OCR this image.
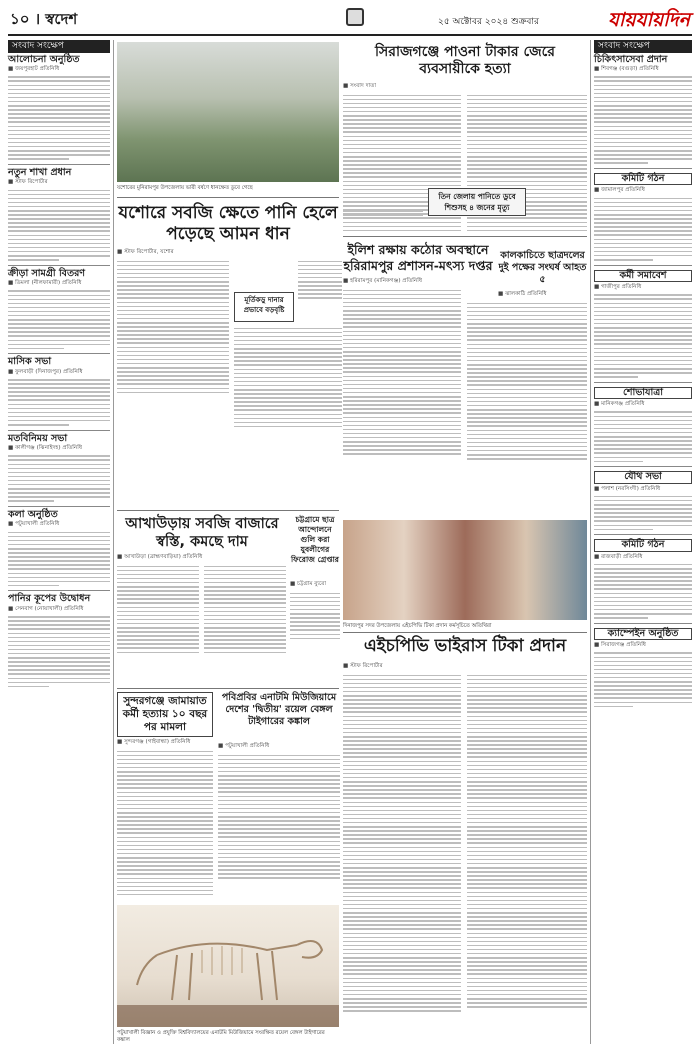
১০ । স্বদেশ	২৫ অক্টোবর ২০২৪ শুক্রবার	যায়যায়দিন
সংবাদ সংক্ষেপ
আলোচনা অনুষ্ঠিত
■ জয়পুরহাট প্রতিনিধি
নতুন শাখা প্রধান
■ স্টাফ রিপোর্টার
ক্রীড়া সামগ্রী বিতরণ
■ ডিমলা (নীলফামারী) প্রতিনিধি
মাসিক সভা
■ ফুলবাড়ী (দিনাজপুর) প্রতিনিধি
মতবিনিময় সভা
■ কালীগঞ্জ (ঝিনাইদহ) প্রতিনিধি
কলা অনুষ্ঠিত
■ পটুয়াখালী প্রতিনিধি
পানির কূপের উদ্বোধন
■ সেনবাগ (নোয়াখালী) প্রতিনিধি
সংবাদ সংক্ষেপ
চিকিৎসাসেবা প্রদান
■ শিবগঞ্জ (বগুড়া) প্রতিনিধি
কমিটি গঠন
■ জামালপুর প্রতিনিধি
কর্মী সমাবেশ
■ গাজীপুর প্রতিনিধি
শোভাযাত্রা
■ মানিকগঞ্জ প্রতিনিধি
যৌথ সভা
■ পলাশ (নরসিংদী) প্রতিনিধি
কমিটি গঠন
■ রাজবাড়ী প্রতিনিধি
ক্যাম্পেইন অনুষ্ঠিত
■ সিরাজগঞ্জ প্রতিনিধি
যশোরের মুনিরামপুর উপজেলায় ভারী বর্ষণে ধানক্ষেত ডুবে গেছে
সিরাজগঞ্জে পাওনা টাকার জেরে ব্যবসায়ীকে হত্যা
■ সংবাদ দাতা
তিন জেলায় পানিতে ডুবে শিশুসহ ৪ জনের মৃত্যু
যশোরে সবজি ক্ষেতে পানি হেলে পড়েছে আমন ধান
■ স্টাফ রিপোর্টার, যশোর
মূর্তিকড়ু দানার প্রভাবে বড়বৃষ্টি
ইলিশ রক্ষায় কঠোর অবস্থানে হরিরামপুর প্রশাসন-মৎস্য দপ্তর
■ হরিরামপুর (মানিকগঞ্জ) প্রতিনিধি
কালকাচিতে ছাত্রদলের দুই পক্ষের সংঘর্ষ আহত ৫
■ ঝালকাঠি প্রতিনিধি
দিনাজপুর সদর উপজেলায় এইচপিভি টিকা প্রদান কর্মসূচিতে অতিথিরা
আখাউড়ায় সবজি বাজারে স্বস্তি, কমছে দাম
■ আখাউড়া (ব্রাহ্মণবাড়িয়া) প্রতিনিধি
চট্টগ্রামে ছাত্র আন্দোলনে গুলি করা যুবলীগের ফিরোজ গ্রেপ্তার
■ চট্টগ্রাম ব্যুরো
এইচপিভি ভাইরাস টিকা প্রদান
■ স্টাফ রিপোর্টার
সুন্দরগঞ্জে জামায়াত কর্মী হত্যায় ১০ বছর পর মামলা
■ সুন্দরগঞ্জ (গাইবান্ধা) প্রতিনিধি
পবিপ্রবির এনাটমি মিউজিয়ামে দেশের 'দ্বিতীয়' রয়েল বেঙ্গল টাইগারের কঙ্কাল
■ পটুয়াখালী প্রতিনিধি
পটুয়াখালী বিজ্ঞান ও প্রযুক্তি বিশ্ববিদ্যালয়ের এনাটমি মিউজিয়ামে সংরক্ষিত রয়েল বেঙ্গল টাইগারের কঙ্কাল
